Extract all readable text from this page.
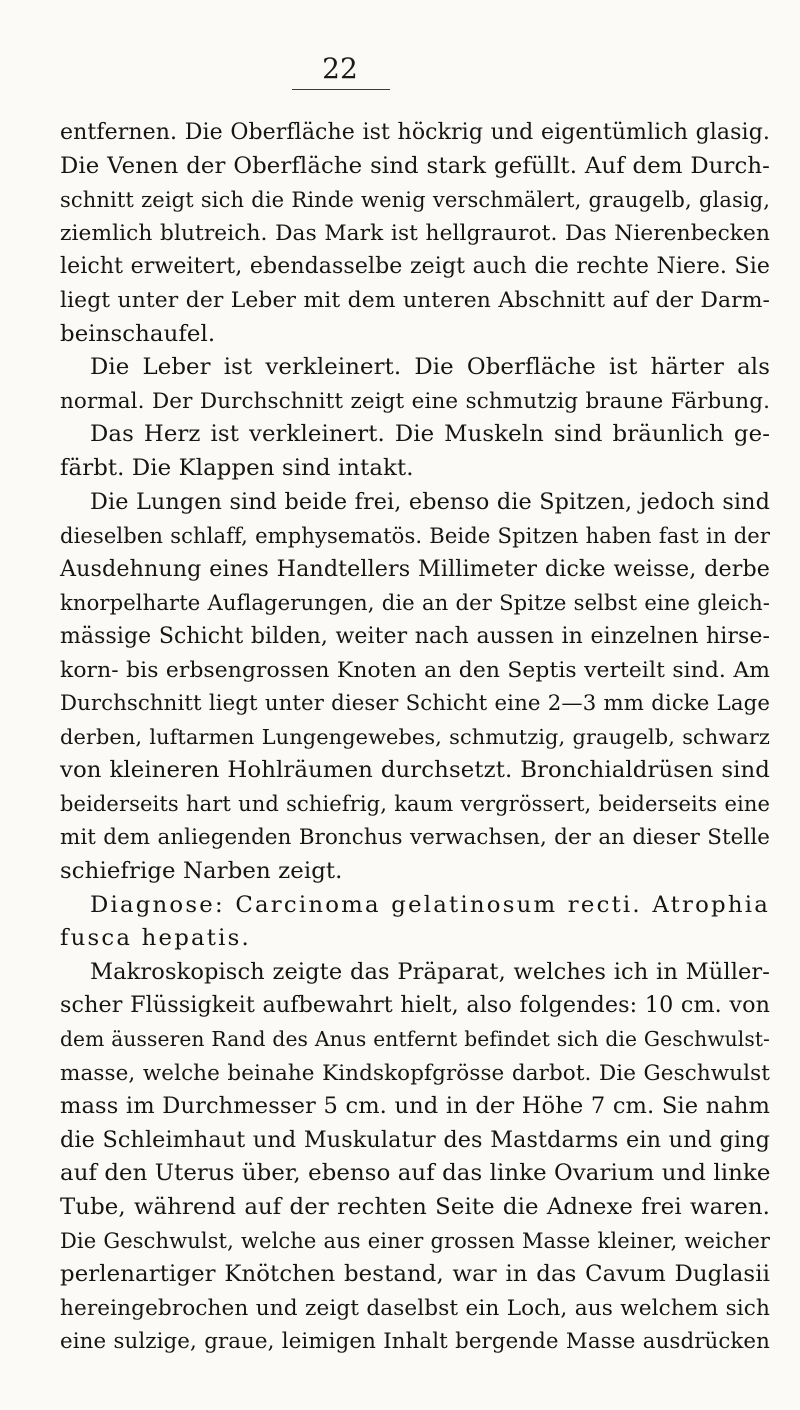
22
entfernen. Die Oberfläche ist höckrig und eigentümlich glasig.
Die Venen der Oberfläche sind stark gefüllt. Auf dem Durch-
schnitt zeigt sich die Rinde wenig verschmälert, graugelb, glasig,
ziemlich blutreich. Das Mark ist hellgraurot. Das Nierenbecken
leicht erweitert, ebendasselbe zeigt auch die rechte Niere. Sie
liegt unter der Leber mit dem unteren Abschnitt auf der Darm-
beinschaufel.
Die Leber ist verkleinert. Die Oberfläche ist härter als
normal. Der Durchschnitt zeigt eine schmutzig braune Färbung.
Das Herz ist verkleinert. Die Muskeln sind bräunlich ge-
färbt. Die Klappen sind intakt.
Die Lungen sind beide frei, ebenso die Spitzen, jedoch sind
dieselben schlaff, emphysematös. Beide Spitzen haben fast in der
Ausdehnung eines Handtellers Millimeter dicke weisse, derbe
knorpelharte Auflagerungen, die an der Spitze selbst eine gleich-
mässige Schicht bilden, weiter nach aussen in einzelnen hirse-
korn- bis erbsengrossen Knoten an den Septis verteilt sind. Am
Durchschnitt liegt unter dieser Schicht eine 2—3 mm dicke Lage
derben, luftarmen Lungengewebes, schmutzig, graugelb, schwarz
von kleineren Hohlräumen durchsetzt. Bronchialdrüsen sind
beiderseits hart und schiefrig, kaum vergrössert, beiderseits eine
mit dem anliegenden Bronchus verwachsen, der an dieser Stelle
schiefrige Narben zeigt.
Diagnose: Carcinoma gelatinosum recti. Atrophia
fusca hepatis.
Makroskopisch zeigte das Präparat, welches ich in Müller-
scher Flüssigkeit aufbewahrt hielt, also folgendes: 10 cm. von
dem äusseren Rand des Anus entfernt befindet sich die Geschwulst-
masse, welche beinahe Kindskopfgrösse darbot. Die Geschwulst
mass im Durchmesser 5 cm. und in der Höhe 7 cm. Sie nahm
die Schleimhaut und Muskulatur des Mastdarms ein und ging
auf den Uterus über, ebenso auf das linke Ovarium und linke
Tube, während auf der rechten Seite die Adnexe frei waren.
Die Geschwulst, welche aus einer grossen Masse kleiner, weicher
perlenartiger Knötchen bestand, war in das Cavum Duglasii
hereingebrochen und zeigt daselbst ein Loch, aus welchem sich
eine sulzige, graue, leimigen Inhalt bergende Masse ausdrücken
